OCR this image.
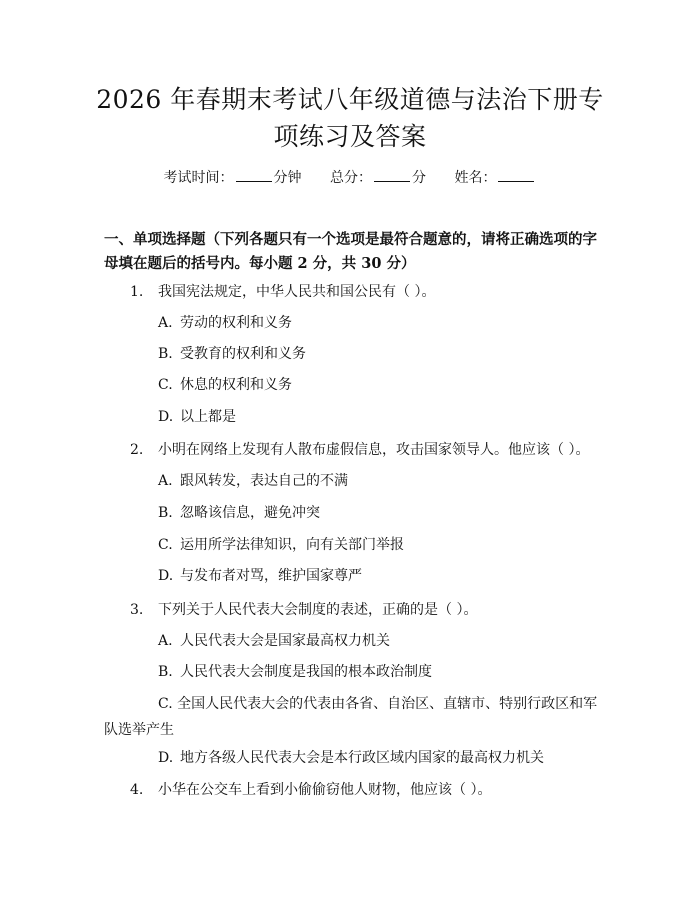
2026 年春期末考试八年级道德与法治下册专
项练习及答案
考试时间：	分钟 总分：	分 姓名：
一、单项选择题（下列各题只有一个选项是最符合题意的，请将正确选项的字母填在题后的括号内。每小题 2 分，共 30 分）
1. 我国宪法规定，中华人民共和国公民有（ ）。
A. 劳动的权利和义务
B. 受教育的权利和义务
C. 休息的权利和义务
D. 以上都是
2. 小明在网络上发现有人散布虚假信息，攻击国家领导人。他应该（ ）。
A. 跟风转发，表达自己的不满
B. 忽略该信息，避免冲突
C. 运用所学法律知识，向有关部门举报
D. 与发布者对骂，维护国家尊严
3. 下列关于人民代表大会制度的表述，正确的是（ ）。
A. 人民代表大会是国家最高权力机关
B. 人民代表大会制度是我国的根本政治制度
C. 全国人民代表大会的代表由各省、自治区、直辖市、特别行政区和军队选举产生
D. 地方各级人民代表大会是本行政区域内国家的最高权力机关
4. 小华在公交车上看到小偷偷窃他人财物，他应该（ ）。
